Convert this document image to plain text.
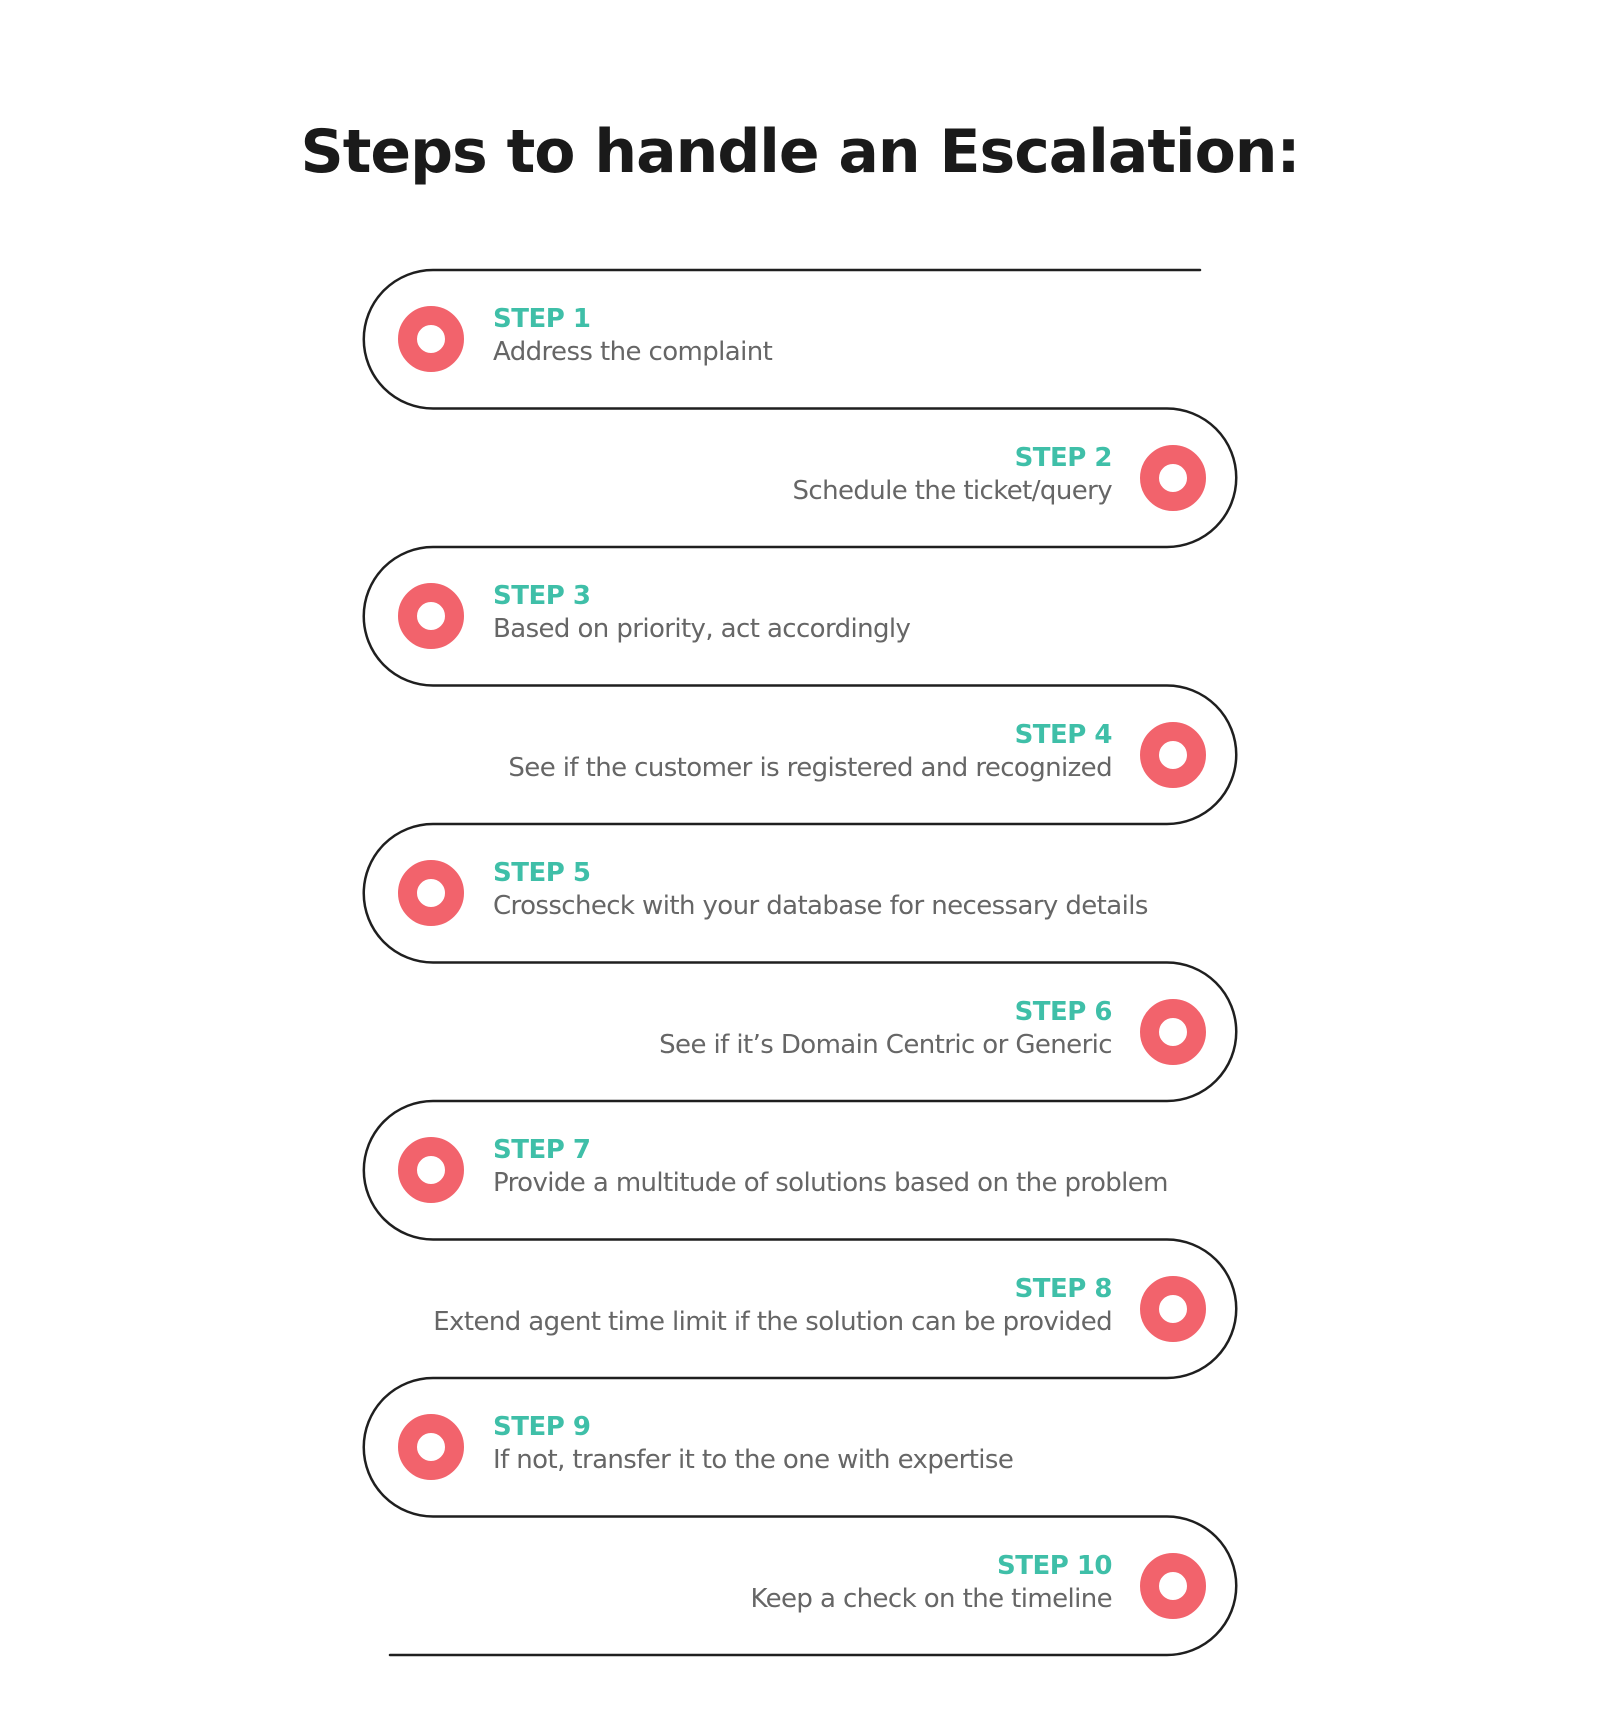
Steps to handle an Escalation:
STEP 1
Address the complaint
STEP 2
Schedule the ticket/query
STEP 3
Based on priority, act accordingly
STEP 4
See if the customer is registered and recognized
STEP 5
Crosscheck with your database for necessary details
STEP 6
See if it’s Domain Centric or Generic
STEP 7
Provide a multitude of solutions based on the problem
STEP 8
Extend agent time limit if the solution can be provided
STEP 9
If not, transfer it to the one with expertise
STEP 10
Keep a check on the timeline
